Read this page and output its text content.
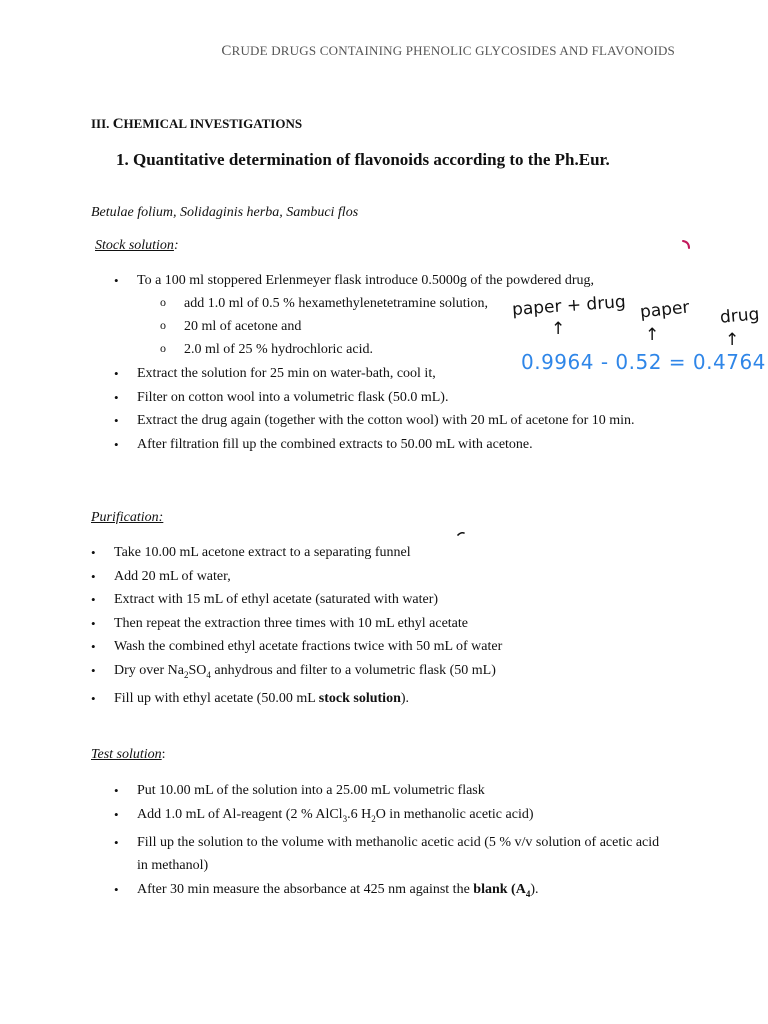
CRUDE DRUGS CONTAINING PHENOLIC GLYCOSIDES AND FLAVONOIDS
III. CHEMICAL INVESTIGATIONS
1. Quantitative determination of flavonoids according to the Ph.Eur.
Betulae folium, Solidaginis herba, Sambuci flos
Stock solution:
• To a 100 ml stoppered Erlenmeyer flask introduce 0.5000g of the powdered drug,
o add 1.0 ml of 0.5 % hexamethylenetetramine solution,
o 20 ml of acetone and
o 2.0 ml of 25 % hydrochloric acid.
• Extract the solution for 25 min on water-bath, cool it,
• Filter on cotton wool into a volumetric flask (50.0 mL).
• Extract the drug again (together with the cotton wool) with 20 mL of acetone for 10 min.
• After filtration fill up the combined extracts to 50.00 mL with acetone.
Purification:
• Take 10.00 mL acetone extract to a separating funnel
• Add 20 mL of water,
• Extract with 15 mL of ethyl acetate (saturated with water)
• Then repeat the extraction three times with 10 mL ethyl acetate
• Wash the combined ethyl acetate fractions twice with 50 mL of water
• Dry over $Na_2SO_4$ anhydrous and filter to a volumetric flask (50 mL)
• Fill up with ethyl acetate (50.00 mL stock solution).
Test solution:
• Put 10.00 mL of the solution into a 25.00 mL volumetric flask
• Add 1.0 mL of Al-reagent (2 % AlCl$_3$.6 $H_2O$ in methanolic acetic acid)
• Fill up the solution to the volume with methanolic acetic acid (5 % v/v solution of acetic acid
in methanol)
• After 30 min measure the absorbance at 425 nm against the blank $(A_4)$.
paper + drug paper drug
↑	↑	↑
0.9964 - 0.52 = 0.4764
